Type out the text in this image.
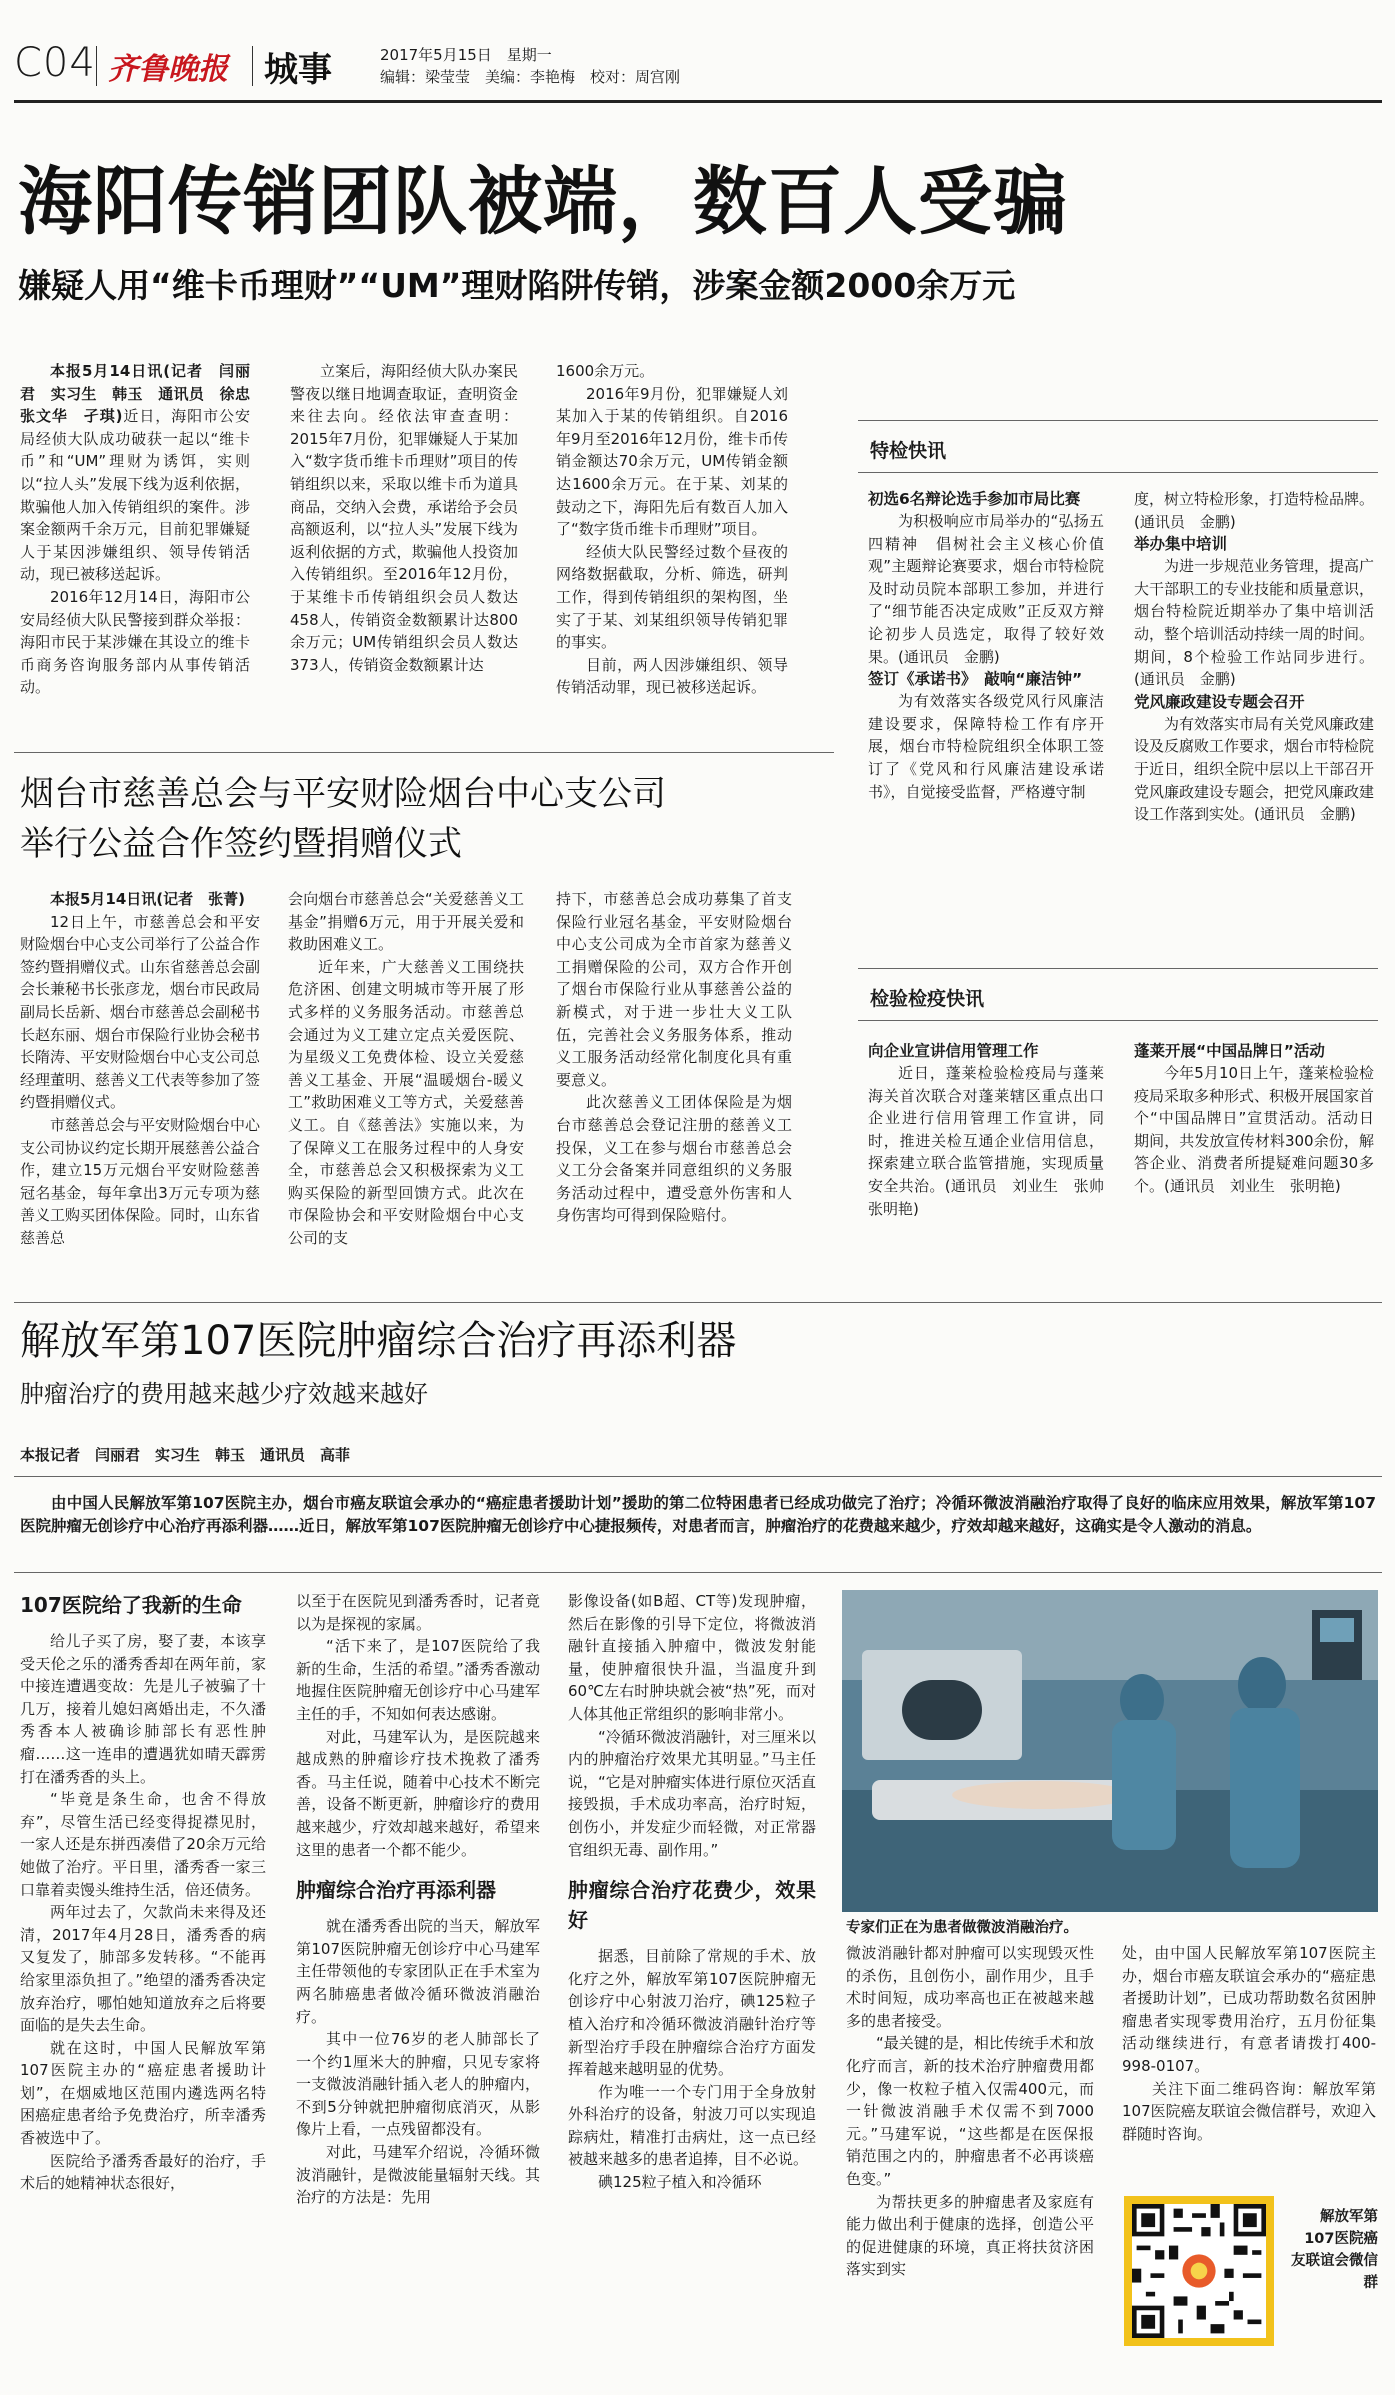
C04 齐鲁晚报 城事	2017年5月15日　星期一
编辑：梁莹莹　美编：李艳梅　校对：周宫刚
海阳传销团队被端，数百人受骗
嫌疑人用“维卡币理财”“UM”理财陷阱传销，涉案金额2000余万元

本报5月14日讯(记者　闫丽君　实习生　韩玉　通讯员　徐忠　张文华　孑琪)近日，海阳市公安局经侦大队成功破获一起以“维卡币”和“UM”理财为诱饵，实则以“拉人头”发展下线为返利依据，欺骗他人加入传销组织的案件。涉案金额两千余万元，目前犯罪嫌疑人于某因涉嫌组织、领导传销活动，现已被移送起诉。

2016年12月14日，海阳市公安局经侦大队民警接到群众举报：海阳市民于某涉嫌在其设立的维卡币商务咨询服务部内从事传销活动。

立案后，海阳经侦大队办案民警夜以继日地调查取证，查明资金来往去向。经依法审查查明：2015年7月份，犯罪嫌疑人于某加入“数字货币维卡币理财”项目的传销组织以来，采取以维卡币为道具商品，交纳入会费，承诺给予会员高额返利，以“拉人头”发展下线为返利依据的方式，欺骗他人投资加入传销组织。至2016年12月份，于某维卡币传销组织会员人数达458人，传销资金数额累计达800余万元；UM传销组织会员人数达373人，传销资金数额累计达

1600余万元。

2016年9月份，犯罪嫌疑人刘某加入于某的传销组织。自2016年9月至2016年12月份，维卡币传销金额达70余万元，UM传销金额达1600余万元。在于某、刘某的鼓动之下，海阳先后有数百人加入了“数字货币维卡币理财”项目。

经侦大队民警经过数个昼夜的网络数据截取，分析、筛选，研判工作，得到传销组织的架构图，坐实了于某、刘某组织领导传销犯罪的事实。

目前，两人因涉嫌组织、领导传销活动罪，现已被移送起诉。

特检快讯
初选6名辩论选手参加市局比赛

为积极响应市局举办的“弘扬五四精神　倡树社会主义核心价值观”主题辩论赛要求，烟台市特检院及时动员院本部职工参加，并进行了“细节能否决定成败”正反双方辩论初步人员选定，取得了较好效果。(通讯员　金鹏)

签订《承诺书》　敲响“廉洁钟”

为有效落实各级党风行风廉洁建设要求，保障特检工作有序开展，烟台市特检院组织全体职工签订了《党风和行风廉洁建设承诺书》，自觉接受监督，严格遵守制

度，树立特检形象，打造特检品牌。(通讯员　金鹏)

举办集中培训

为进一步规范业务管理，提高广大干部职工的专业技能和质量意识，烟台特检院近期举办了集中培训活动，整个培训活动持续一周的时间。期间，8个检验工作站同步进行。(通讯员　金鹏)

党风廉政建设专题会召开

为有效落实市局有关党风廉政建设及反腐败工作要求，烟台市特检院于近日，组织全院中层以上干部召开党风廉政建设专题会，把党风廉政建设工作落到实处。(通讯员　金鹏)

烟台市慈善总会与平安财险烟台中心支公司
举行公益合作签约暨捐赠仪式

本报5月14日讯(记者　张菁)

12日上午，市慈善总会和平安财险烟台中心支公司举行了公益合作签约暨捐赠仪式。山东省慈善总会副会长兼秘书长张彦龙，烟台市民政局副局长岳新、烟台市慈善总会副秘书长赵东丽、烟台市保险行业协会秘书长隋涛、平安财险烟台中心支公司总经理董明、慈善义工代表等参加了签约暨捐赠仪式。

市慈善总会与平安财险烟台中心支公司协议约定长期开展慈善公益合作，建立15万元烟台平安财险慈善冠名基金，每年拿出3万元专项为慈善义工购买团体保险。同时，山东省慈善总

会向烟台市慈善总会“关爱慈善义工基金”捐赠6万元，用于开展关爱和救助困难义工。

近年来，广大慈善义工围绕扶危济困、创建文明城市等开展了形式多样的义务服务活动。市慈善总会通过为义工建立定点关爱医院、为星级义工免费体检、设立关爱慈善义工基金、开展“温暖烟台-暖义工”救助困难义工等方式，关爱慈善义工。自《慈善法》实施以来，为了保障义工在服务过程中的人身安全，市慈善总会又积极探索为义工购买保险的新型回馈方式。此次在市保险协会和平安财险烟台中心支公司的支

持下，市慈善总会成功募集了首支保险行业冠名基金，平安财险烟台中心支公司成为全市首家为慈善义工捐赠保险的公司，双方合作开创了烟台市保险行业从事慈善公益的新模式，对于进一步壮大义工队伍，完善社会义务服务体系，推动义工服务活动经常化制度化具有重要意义。

此次慈善义工团体保险是为烟台市慈善总会登记注册的慈善义工投保，义工在参与烟台市慈善总会义工分会备案并同意组织的义务服务活动过程中，遭受意外伤害和人身伤害均可得到保险赔付。

检验检疫快讯
向企业宣讲信用管理工作

近日，蓬莱检验检疫局与蓬莱海关首次联合对蓬莱辖区重点出口企业进行信用管理工作宣讲，同时，推进关检互通企业信用信息，探索建立联合监管措施，实现质量安全共治。(通讯员　刘业生　张帅　张明艳)

蓬莱开展“中国品牌日”活动

今年5月10日上午，蓬莱检验检疫局采取多种形式、积极开展国家首个“中国品牌日”宣贯活动。活动日期间，共发放宣传材料300余份，解答企业、消费者所提疑难问题30多个。(通讯员　刘业生　张明艳)

解放军第107医院肿瘤综合治疗再添利器
肿瘤治疗的费用越来越少疗效越来越好
本报记者　闫丽君　实习生　韩玉　通讯员　高菲

由中国人民解放军第107医院主办，烟台市癌友联谊会承办的“癌症患者援助计划”援助的第二位特困患者已经成功做完了治疗；冷循环微波消融治疗取得了良好的临床应用效果，解放军第107医院肿瘤无创诊疗中心治疗再添利器……近日，解放军第107医院肿瘤无创诊疗中心捷报频传，对患者而言，肿瘤治疗的花费越来越少，疗效却越来越好，这确实是令人激动的消息。

107医院给了我新的生命

给儿子买了房，娶了妻，本该享受天伦之乐的潘秀香却在两年前，家中接连遭遇变故：先是儿子被骗了十几万，接着儿媳妇离婚出走，不久潘秀香本人被确诊肺部长有恶性肿瘤……这一连串的遭遇犹如晴天霹雳打在潘秀香的头上。

“毕竟是条生命，也舍不得放弃”，尽管生活已经变得捉襟见肘，一家人还是东拼西凑借了20余万元给她做了治疗。平日里，潘秀香一家三口靠着卖馒头维持生活，倍还债务。

两年过去了，欠款尚未来得及还清，2017年4月28日，潘秀香的病又复发了，肺部多发转移。“不能再给家里添负担了。”绝望的潘秀香决定放弃治疗，哪怕她知道放弃之后将要面临的是失去生命。

就在这时，中国人民解放军第107医院主办的“癌症患者援助计划”，在烟威地区范围内遴选两名特困癌症患者给予免费治疗，所幸潘秀香被选中了。

医院给予潘秀香最好的治疗，手术后的她精神状态很好，

以至于在医院见到潘秀香时，记者竟以为是探视的家属。

“活下来了，是107医院给了我新的生命，生活的希望。”潘秀香激动地握住医院肿瘤无创诊疗中心马建军主任的手，不知如何表达感谢。

对此，马建军认为，是医院越来越成熟的肿瘤诊疗技术挽救了潘秀香。马主任说，随着中心技术不断完善，设备不断更新，肿瘤诊疗的费用越来越少，疗效却越来越好，希望来这里的患者一个都不能少。

肿瘤综合治疗再添利器

就在潘秀香出院的当天，解放军第107医院肿瘤无创诊疗中心马建军主任带领他的专家团队正在手术室为两名肺癌患者做冷循环微波消融治疗。

其中一位76岁的老人肺部长了一个约1厘米大的肿瘤，只见专家将一支微波消融针插入老人的肿瘤内，不到5分钟就把肿瘤彻底消灭，从影像片上看，一点残留都没有。

对此，马建军介绍说，冷循环微波消融针，是微波能量辐射天线。其治疗的方法是：先用

影像设备(如B超、CT等)发现肿瘤，然后在影像的引导下定位，将微波消融针直接插入肿瘤中，微波发射能量，使肿瘤很快升温，当温度升到60℃左右时肿块就会被“热”死，而对人体其他正常组织的影响非常小。

“冷循环微波消融针，对三厘米以内的肿瘤治疗效果尤其明显。”马主任说，“它是对肿瘤实体进行原位灭活直接毁损，手术成功率高，治疗时短，创伤小，并发症少而轻微，对正常器官组织无毒、副作用。”

肿瘤综合治疗花费少，效果好

据悉，目前除了常规的手术、放化疗之外，解放军第107医院肿瘤无创诊疗中心射波刀治疗，碘125粒子植入治疗和冷循环微波消融针治疗等新型治疗手段在肿瘤综合治疗方面发挥着越来越明显的优势。

作为唯一一个专门用于全身放射外科治疗的设备，射波刀可以实现追踪病灶，精准打击病灶，这一点已经被越来越多的患者追捧，目不必说。

碘125粒子植入和冷循环

专家们正在为患者做微波消融治疗。

微波消融针都对肿瘤可以实现毁灭性的杀伤，且创伤小，副作用少，且手术时间短，成功率高也正在被越来越多的患者接受。

“最关键的是，相比传统手术和放化疗而言，新的技术治疗肿瘤费用都少，像一枚粒子植入仅需400元，而一针微波消融手术仅需不到7000元。”马建军说，“这些都是在医保报销范围之内的，肿瘤患者不必再谈癌色变。”

为帮扶更多的肿瘤患者及家庭有能力做出利于健康的选择，创造公平的促进健康的环境，真正将扶贫济困落实到实

处，由中国人民解放军第107医院主办，烟台市癌友联谊会承办的“癌症患者援助计划”，已成功帮助数名贫困肿瘤患者实现零费用治疗，五月份征集活动继续进行，有意者请拨打400-998-0107。

关注下面二维码咨询：解放军第107医院癌友联谊会微信群号，欢迎入群随时咨询。

解放军第107医院癌友联谊会微信群
